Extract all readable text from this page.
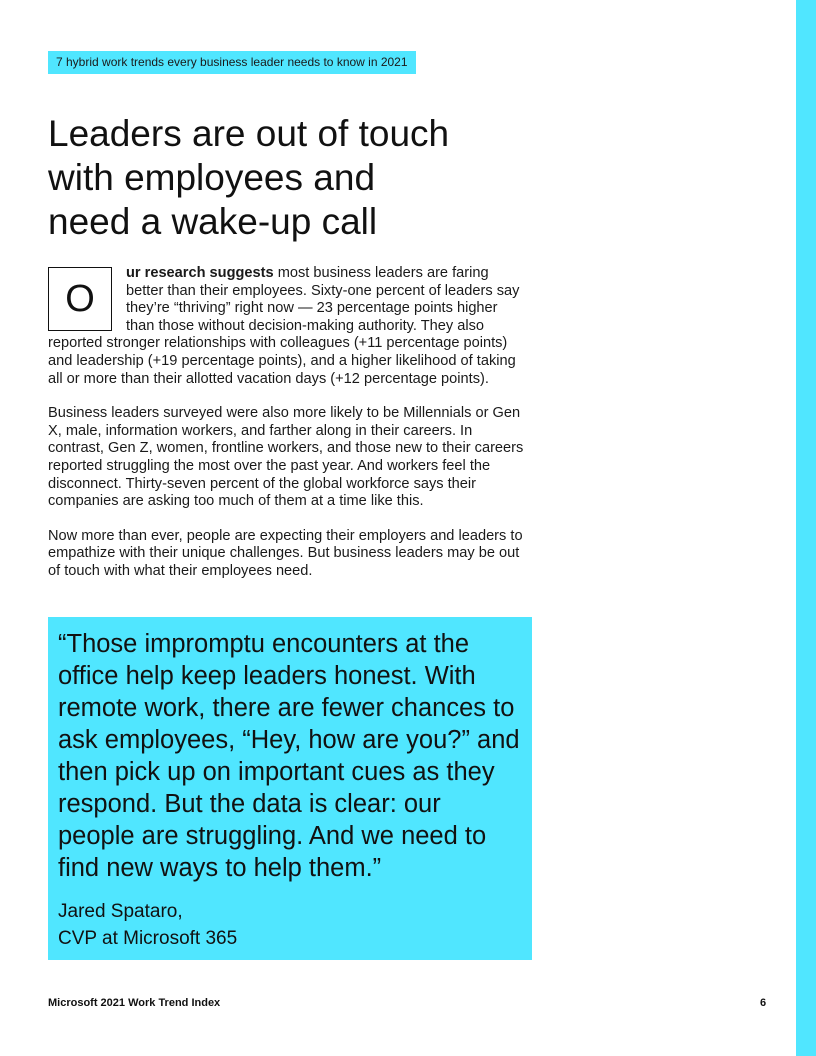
7 hybrid work trends every business leader needs to know in 2021
Leaders are out of touch
with employees and
need a wake-up call

O
ur research suggests most business leaders are faring better than their employees. Sixty-one percent of leaders say they’re “thriving” right now — 23 percentage points higher than those without decision-making authority. They also reported stronger relationships with colleagues (+11 percentage points) and leadership (+19 percentage points), and a higher likelihood of taking all or more than their allotted vacation days (+12 percentage points).

Business leaders surveyed were also more likely to be Millennials or Gen X, male, information workers, and farther along in their careers. In contrast, Gen Z, women, frontline workers, and those new to their careers reported struggling the most over the past year. And workers feel the disconnect. Thirty-seven percent of the global workforce says their companies are asking too much of them at a time like this.

Now more than ever, people are expecting their employers and leaders to empathize with their unique challenges. But business leaders may be out of touch with what their employees need.

“Those impromptu encounters at the office help keep leaders honest. With remote work, there are fewer chances to ask employees, “Hey, how are you?” and then pick up on important cues as they respond. But the data is clear: our people are struggling. And we need to find new ways to help them.”

Jared Spataro,
CVP at Microsoft 365

Microsoft 2021 Work Trend Index	6
